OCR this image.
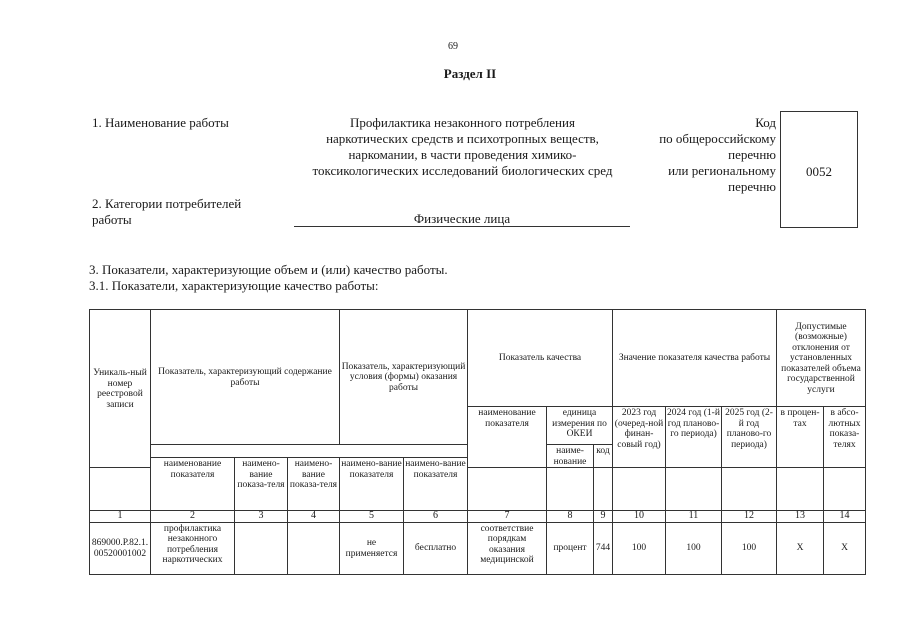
69
Раздел II
1. Наименование работы	Профилактика незаконного потребления
наркотических средств и психотропных веществ,
наркомании, в части проведения химико-
токсикологических исследований биологических сред
Код
по общероссийскому
перечню
или региональному
перечню
0052
2. Категории потребителей
работы	Физические лица
3. Показатели, характеризующие объем и (или) качество работы.
3.1. Показатели, характеризующие качество работы:
Уникаль-ный номер реестровой записи	Показатель, характеризующий содержание работы	Показатель, характеризующий условия (формы) оказания работы	Показатель качества			Значение показателя качества работы			Допустимые (возможные) отклонения от установленных показателей объема государственной услуги	
			наименование показателя	единица измерения по ОКЕИ		2023 год (очеред-ной финан-совый год)	2024 год (1-й год планово-го периода)	2025 год (2-й год планово-го периода)	в процен-тах	в абсо-лютных показа-телях
				наиме-нование	код					

	наименование показателя	наимено-вание показа-теля	наимено-вание показа-теля	наимено-вание показателя	наимено-вание показателя								
1	2	3	4	5	6	7	8	9	10	11	12	13	14
869000.Р.82.1.00520001002	профилактика незаконного потребления наркотических			не применяется	бесплатно	соответствие порядкам оказания медицинской	процент	744	100	100	100	X	X
